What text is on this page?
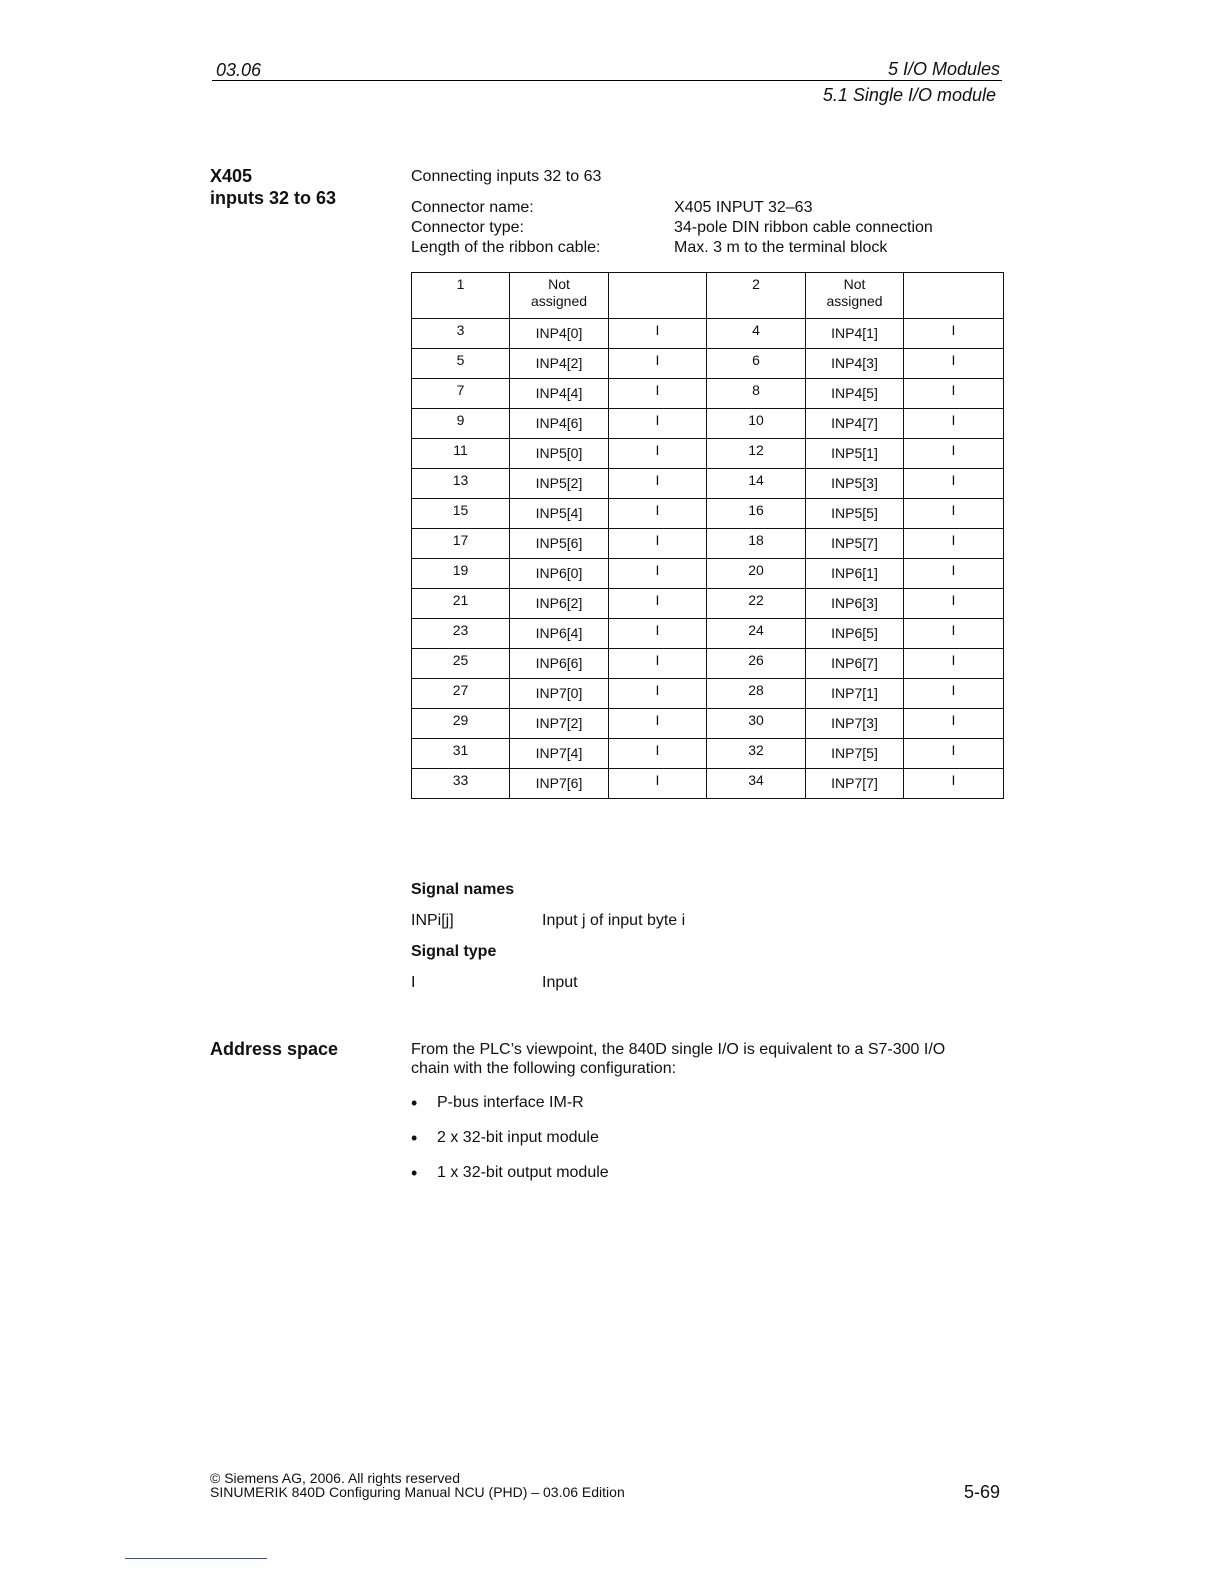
03.06	5 I/O Modules
5.1 Single I/O module
X405
inputs 32 to 63
Connecting inputs 32 to 63
Connector name:	X405 INPUT 32–63
Connector type:	34-pole DIN ribbon cable connection
Length of the ribbon cable:	Max. 3 m to the terminal block
1	Not assigned		2	Not assigned	
3	INP4[0]	I	4	INP4[1]	I
5	INP4[2]	I	6	INP4[3]	I
7	INP4[4]	I	8	INP4[5]	I
9	INP4[6]	I	10	INP4[7]	I
11	INP5[0]	I	12	INP5[1]	I
13	INP5[2]	I	14	INP5[3]	I
15	INP5[4]	I	16	INP5[5]	I
17	INP5[6]	I	18	INP5[7]	I
19	INP6[0]	I	20	INP6[1]	I
21	INP6[2]	I	22	INP6[3]	I
23	INP6[4]	I	24	INP6[5]	I
25	INP6[6]	I	26	INP6[7]	I
27	INP7[0]	I	28	INP7[1]	I
29	INP7[2]	I	30	INP7[3]	I
31	INP7[4]	I	32	INP7[5]	I
33	INP7[6]	I	34	INP7[7]	I
Signal names
INPi[j]	Input j of input byte i
Signal type
I	Input
Address space	From the PLC’s viewpoint, the 840D single I/O is equivalent to a S7-300 I/O
chain with the following configuration:
• P-bus interface IM-R
• 2 x 32-bit input module
• 1 x 32-bit output module
© Siemens AG, 2006. All rights reserved
SINUMERIK 840D Configuring Manual NCU (PHD) – 03.06 Edition	5-69
